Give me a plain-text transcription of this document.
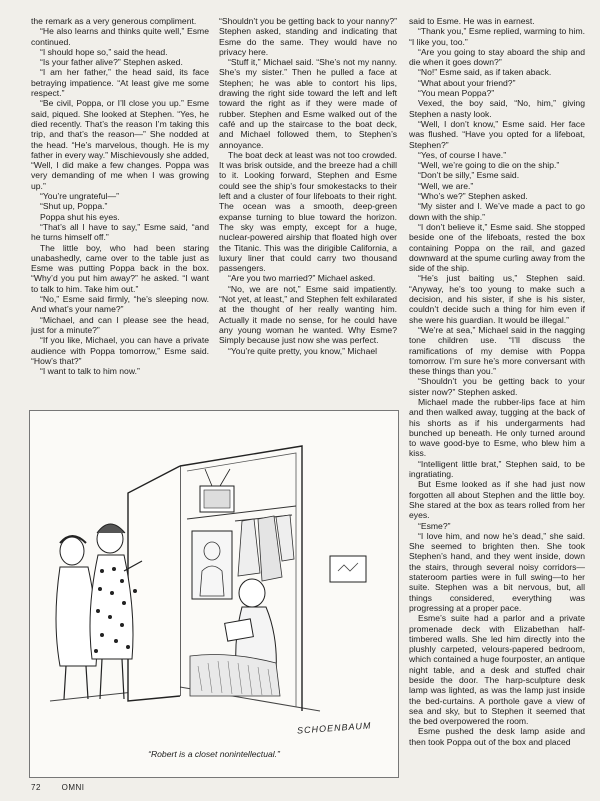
the remark as a very generous compliment.

“He also learns and thinks quite well,” Esme continued.

“I should hope so,” said the head.

“Is your father alive?” Stephen asked.

“I am her father,” the head said, its face betraying impatience. “At least give me some respect.”

“Be civil, Poppa, or I’ll close you up.” Esme said, piqued. She looked at Stephen. “Yes, he died recently. That’s the reason I’m taking this trip, and that’s the reason—” She nodded at the head. “He’s marvelous, though. He is my father in every way.” Mischievously she added, “Well, I did make a few changes. Poppa was very demanding of me when I was growing up.”

“You’re ungrateful—”

“Shut up, Poppa.”

Poppa shut his eyes.

“That’s all I have to say,” Esme said, “and he turns himself off.”

The little boy, who had been staring unabashedly, came over to the table just as Esme was putting Poppa back in the box. “Why’d you put him away?” he asked. “I want to talk to him. Take him out.”

“No,” Esme said firmly, “he’s sleeping now. And what’s your name?”

“Michael, and can I please see the head, just for a minute?”

“If you like, Michael, you can have a private audience with Poppa tomorrow,” Esme said. “How’s that?”

“I want to talk to him now.”

“Shouldn’t you be getting back to your nanny?” Stephen asked, standing and indicating that Esme do the same. They would have no privacy here.

“Stuff it,” Michael said. “She’s not my nanny. She’s my sister.” Then he pulled a face at Stephen; he was able to contort his lips, drawing the right side toward the left and left toward the right as if they were made of rubber. Stephen and Esme walked out of the café and up the staircase to the boat deck, and Michael followed them, to Stephen’s annoyance.

The boat deck at least was not too crowded. It was brisk outside, and the breeze had a chill to it. Looking forward, Stephen and Esme could see the ship’s four smokestacks to their left and a cluster of four lifeboats to their right. The ocean was a smooth, deep-green expanse turning to blue toward the horizon. The sky was empty, except for a huge, nuclear-powered airship that floated high over the Titanic. This was the dirigible California, a luxury liner that could carry two thousand passengers.

“Are you two married?” Michael asked.

“No, we are not,” Esme said impatiently. “Not yet, at least,” and Stephen felt exhilarated at the thought of her really wanting him. Actually it made no sense, for he could have any young woman he wanted. Why Esme? Simply because just now she was perfect.

“You’re quite pretty, you know,” Michael

said to Esme. He was in earnest.

“Thank you,” Esme replied, warming to him. “I like you, too.”

“Are you going to stay aboard the ship and die when it goes down?”

“No!” Esme said, as if taken aback.

“What about your friend?”

“You mean Poppa?”

Vexed, the boy said, “No, him,” giving Stephen a nasty look.

“Well, I don’t know,” Esme said. Her face was flushed. “Have you opted for a lifeboat, Stephen?”

“Yes, of course I have.”

“Well, we’re going to die on the ship.”

“Don’t be silly,” Esme said.

“Well, we are.”

“Who’s we?” Stephen asked.

“My sister and I. We’ve made a pact to go down with the ship.”

“I don’t believe it,” Esme said. She stopped beside one of the lifeboats, rested the box containing Poppa on the rail, and gazed downward at the spume curling away from the side of the ship.

“He’s just baiting us,” Stephen said. “Anyway, he’s too young to make such a decision, and his sister, if she is his sister, couldn’t decide such a thing for him even if she were his guardian. It would be illegal.”

“We’re at sea,” Michael said in the nagging tone children use. “I’ll discuss the ramifications of my demise with Poppa tomorrow. I’m sure he’s more conversant with these things than you.”

“Shouldn’t you be getting back to your sister now?” Stephen asked.

Michael made the rubber-lips face at him and then walked away, tugging at the back of his shorts as if his undergarments had bunched up beneath. He only turned around to wave good-bye to Esme, who blew him a kiss.

“Intelligent little brat,” Stephen said, to be ingratiating.

But Esme looked as if she had just now forgotten all about Stephen and the little boy. She stared at the box as tears rolled from her eyes.

“Esme?”

“I love him, and now he’s dead,” she said. She seemed to brighten then. She took Stephen’s hand, and they went inside, down the stairs, through several noisy corridors—stateroom parties were in full swing—to her suite. Stephen was a bit nervous, but, all things considered, everything was progressing at a proper pace.

Esme’s suite had a parlor and a private promenade deck with Elizabethan half-timbered walls. She led him directly into the plushly carpeted, velours-papered bedroom, which contained a huge fourposter, an antique night table, and a desk and stuffed chair beside the door. The harp-sculpture desk lamp was lighted, as was the lamp just inside the bed-curtains. A porthole gave a view of sea and sky, but to Stephen it seemed that the bed overpowered the room.

Esme pushed the desk lamp aside and then took Poppa out of the box and placed

SCHOENBAUM
“Robert is a closet nonintellectual.”
72	OMNI
